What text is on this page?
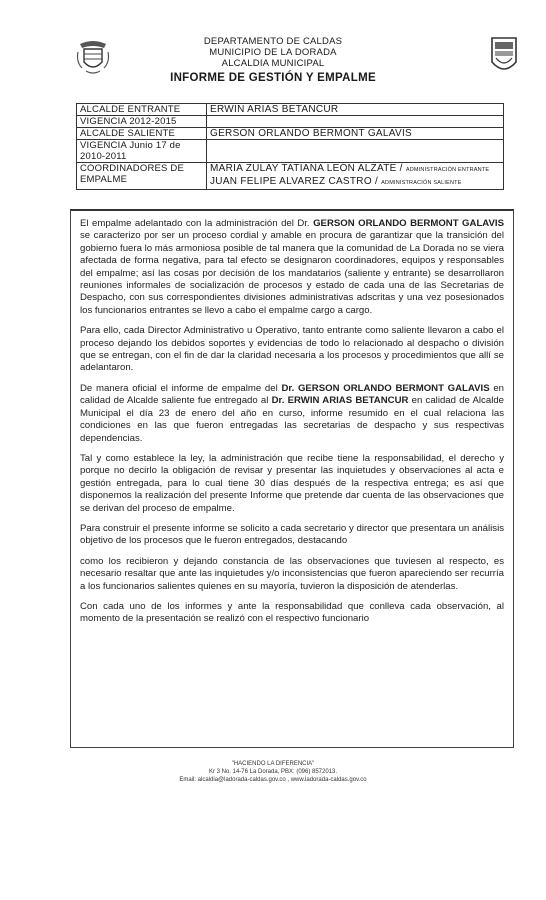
DEPARTAMENTO DE CALDAS
MUNICIPIO DE LA DORADA
ALCALDIA MUNICIPAL
INFORME DE GESTIÓN Y EMPALME
ALCALDE ENTRANTE	ERWIN ARIAS BETANCUR
VIGENCIA 2012-2015	
ALCALDE SALIENTE	GERSON ORLANDO BERMONT GALAVIS
VIGENCIA Junio 17 de 2010-2011	
COORDINADORES DE EMPALME	MARIA ZULAY TATIANA LEÓN ALZATE / ADMINISTRACIÓN ENTRANTE
JUAN FELIPE ALVAREZ CASTRO / ADMINISTRACIÓN SALIENTE

El empalme adelantado con la administración del Dr. GERSON ORLANDO BERMONT GALAVIS se caracterizo por ser un proceso cordial y amable en procura de garantizar que la transición del gobierno fuera lo más armoniosa posible de tal manera que la comunidad de La Dorada no se viera afectada de forma negativa, para tal efecto se designaron coordinadores, equipos y responsables del empalme; así las cosas por decisión de los mandatarios (saliente y entrante) se desarrollaron reuniones informales de socialización de procesos y estado de cada una de las Secretarias de Despacho, con sus correspondientes divisiones administrativas adscritas y una vez posesionados los funcionarios entrantes se llevo a cabo el empalme cargo a cargo.

Para ello, cada Director Administrativo u Operativo, tanto entrante como saliente llevaron a cabo el proceso dejando los debidos soportes y evidencias de todo lo relacionado al despacho o división que se entregan, con el fin de dar la claridad necesaria a los procesos y procedimientos que allí se adelantaron.

De manera oficial el informe de empalme del Dr. GERSON ORLANDO BERMONT GALAVIS en calidad de Alcalde saliente fue entregado al Dr. ERWIN ARIAS BETANCUR en calidad de Alcalde Municipal el día 23 de enero del año en curso, informe resumido en el cual relaciona las condiciones en las que fueron entregadas las secretarias de despacho y sus respectivas dependencias.

Tal y como establece la ley, la administración que recibe tiene la responsabilidad, el derecho y porque no decirlo la obligación de revisar y presentar las inquietudes y observaciones al acta e gestión entregada, para lo cual tiene 30 días después de la respectiva entrega; es así que disponemos la realización del presente Informe que pretende dar cuenta de las observaciones que se derivan del proceso de empalme.

Para construir el presente informe se solicito a cada secretario y director que presentara un análisis objetivo de los procesos que le fueron entregados, destacando

como los recibieron y dejando constancia de las observaciones que tuviesen al respecto, es necesario resaltar que ante las inquietudes y/o inconsistencias que fueron apareciendo ser recurría a los funcionarios salientes quienes en su mayoría, tuvieron la disposición de atenderlas.

Con cada uno de los informes y ante la responsabilidad que conlleva cada observación, al momento de la presentación se realizó con el respectivo funcionario

"HACIENDO LA DIFERENCIA"
Kr 3 No. 14-76 La Dorada, PBX: (096) 8572013.
Email: alcaldia@ladorada-caldas.gov.co , www.ladorada-caldas.gov.co
